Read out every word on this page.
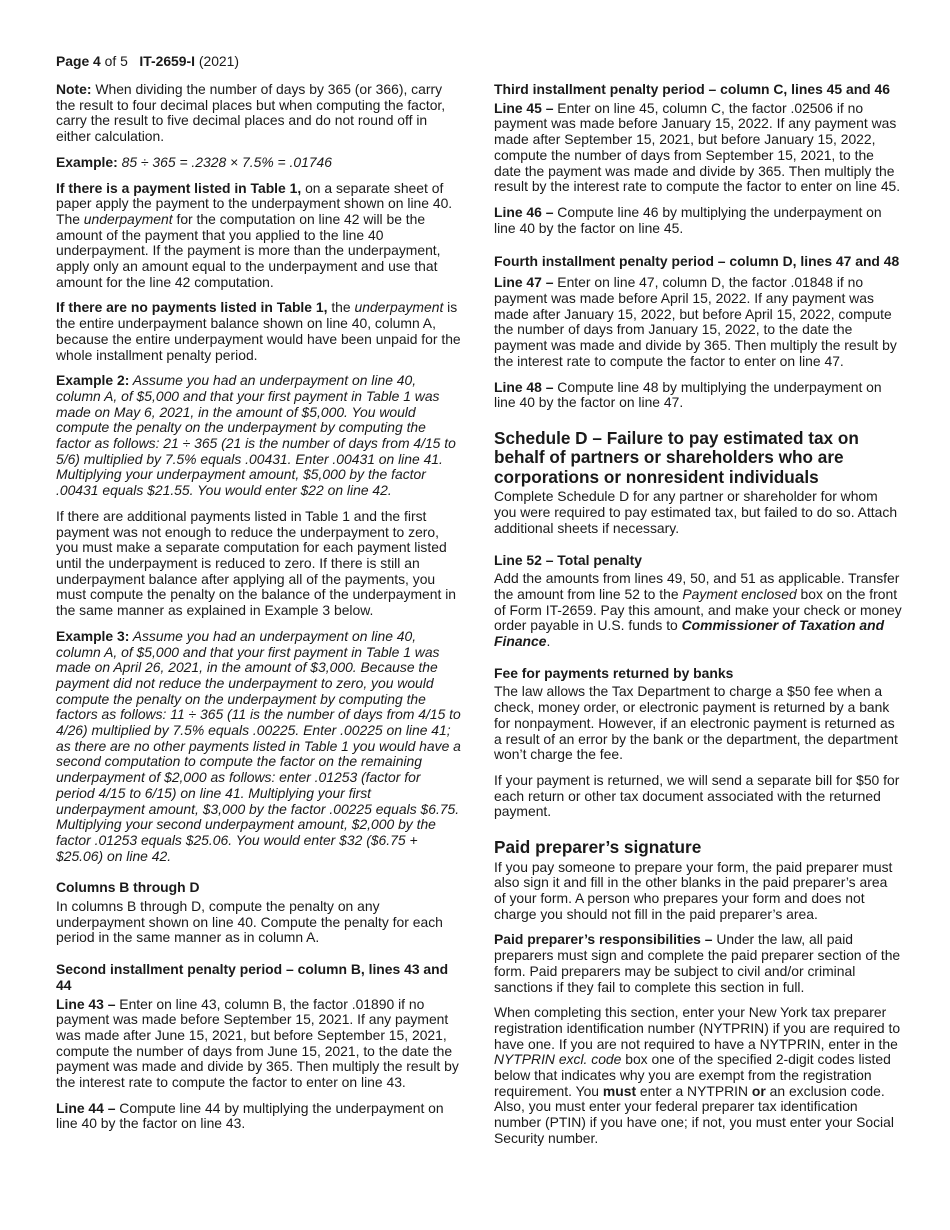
Page 4 of 5 IT-2659-I (2021)

Note: When dividing the number of days by 365 (or 366), carry the result to four decimal places but when computing the factor, carry the result to five decimal places and do not round off in either calculation.

Example: 85 ÷ 365 = .2328 × 7.5% = .01746

If there is a payment listed in Table 1, on a separate sheet of paper apply the payment to the underpayment shown on line 40. The underpayment for the computation on line 42 will be the amount of the payment that you applied to the line 40 underpayment. If the payment is more than the underpayment, apply only an amount equal to the underpayment and use that amount for the line 42 computation.

If there are no payments listed in Table 1, the underpayment is the entire underpayment balance shown on line 40, column A, because the entire underpayment would have been unpaid for the whole installment penalty period.

Example 2: Assume you had an underpayment on line 40, column A, of $5,000 and that your first payment in Table 1 was made on May 6, 2021, in the amount of $5,000. You would compute the penalty on the underpayment by computing the factor as follows: 21 ÷ 365 (21 is the number of days from 4/15 to 5/6) multiplied by 7.5% equals .00431. Enter .00431 on line 41. Multiplying your underpayment amount, $5,000 by the factor .00431 equals $21.55. You would enter $22 on line 42.

If there are additional payments listed in Table 1 and the first payment was not enough to reduce the underpayment to zero, you must make a separate computation for each payment listed until the underpayment is reduced to zero. If there is still an underpayment balance after applying all of the payments, you must compute the penalty on the balance of the underpayment in the same manner as explained in Example 3 below.

Example 3: Assume you had an underpayment on line 40, column A, of $5,000 and that your first payment in Table 1 was made on April 26, 2021, in the amount of $3,000. Because the payment did not reduce the underpayment to zero, you would compute the penalty on the underpayment by computing the factors as follows: 11 ÷ 365 (11 is the number of days from 4/15 to 4/26) multiplied by 7.5% equals .00225. Enter .00225 on line 41; as there are no other payments listed in Table 1 you would have a second computation to compute the factor on the remaining underpayment of $2,000 as follows: enter .01253 (factor for period 4/15 to 6/15) on line 41. Multiplying your first underpayment amount, $3,000 by the factor .00225 equals $6.75. Multiplying your second underpayment amount, $2,000 by the factor .01253 equals $25.06. You would enter $32 ($6.75 + $25.06) on line 42.

Columns B through D

In columns B through D, compute the penalty on any underpayment shown on line 40. Compute the penalty for each period in the same manner as in column A.

Second installment penalty period – column B, lines 43 and 44

Line 43 – Enter on line 43, column B, the factor .01890 if no payment was made before September 15, 2021. If any payment was made after June 15, 2021, but before September 15, 2021, compute the number of days from June 15, 2021, to the date the payment was made and divide by 365. Then multiply the result by the interest rate to compute the factor to enter on line 43.

Line 44 – Compute line 44 by multiplying the underpayment on line 40 by the factor on line 43.

Third installment penalty period – column C, lines 45 and 46

Line 45 – Enter on line 45, column C, the factor .02506 if no payment was made before January 15, 2022. If any payment was made after September 15, 2021, but before January 15, 2022, compute the number of days from September 15, 2021, to the date the payment was made and divide by 365. Then multiply the result by the interest rate to compute the factor to enter on line 45.

Line 46 – Compute line 46 by multiplying the underpayment on line 40 by the factor on line 45.

Fourth installment penalty period – column D, lines 47 and 48

Line 47 – Enter on line 47, column D, the factor .01848 if no payment was made before April 15, 2022. If any payment was made after January 15, 2022, but before April 15, 2022, compute the number of days from January 15, 2022, to the date the payment was made and divide by 365. Then multiply the result by the interest rate to compute the factor to enter on line 47.

Line 48 – Compute line 48 by multiplying the underpayment on line 40 by the factor on line 47.

Schedule D – Failure to pay estimated tax on behalf of partners or shareholders who are corporations or nonresident individuals

Complete Schedule D for any partner or shareholder for whom you were required to pay estimated tax, but failed to do so. Attach additional sheets if necessary.

Line 52 – Total penalty

Add the amounts from lines 49, 50, and 51 as applicable. Transfer the amount from line 52 to the Payment enclosed box on the front of Form IT-2659. Pay this amount, and make your check or money order payable in U.S. funds to Commissioner of Taxation and Finance.

Fee for payments returned by banks

The law allows the Tax Department to charge a $50 fee when a check, money order, or electronic payment is returned by a bank for nonpayment. However, if an electronic payment is returned as a result of an error by the bank or the department, the department won’t charge the fee.

If your payment is returned, we will send a separate bill for $50 for each return or other tax document associated with the returned payment.

Paid preparer’s signature

If you pay someone to prepare your form, the paid preparer must also sign it and fill in the other blanks in the paid preparer’s area of your form. A person who prepares your form and does not charge you should not fill in the paid preparer’s area.

Paid preparer’s responsibilities – Under the law, all paid preparers must sign and complete the paid preparer section of the form. Paid preparers may be subject to civil and/or criminal sanctions if they fail to complete this section in full.

When completing this section, enter your New York tax preparer registration identification number (NYTPRIN) if you are required to have one. If you are not required to have a NYTPRIN, enter in the NYTPRIN excl. code box one of the specified 2-digit codes listed below that indicates why you are exempt from the registration requirement. You must enter a NYTPRIN or an exclusion code. Also, you must enter your federal preparer tax identification number (PTIN) if you have one; if not, you must enter your Social Security number.
